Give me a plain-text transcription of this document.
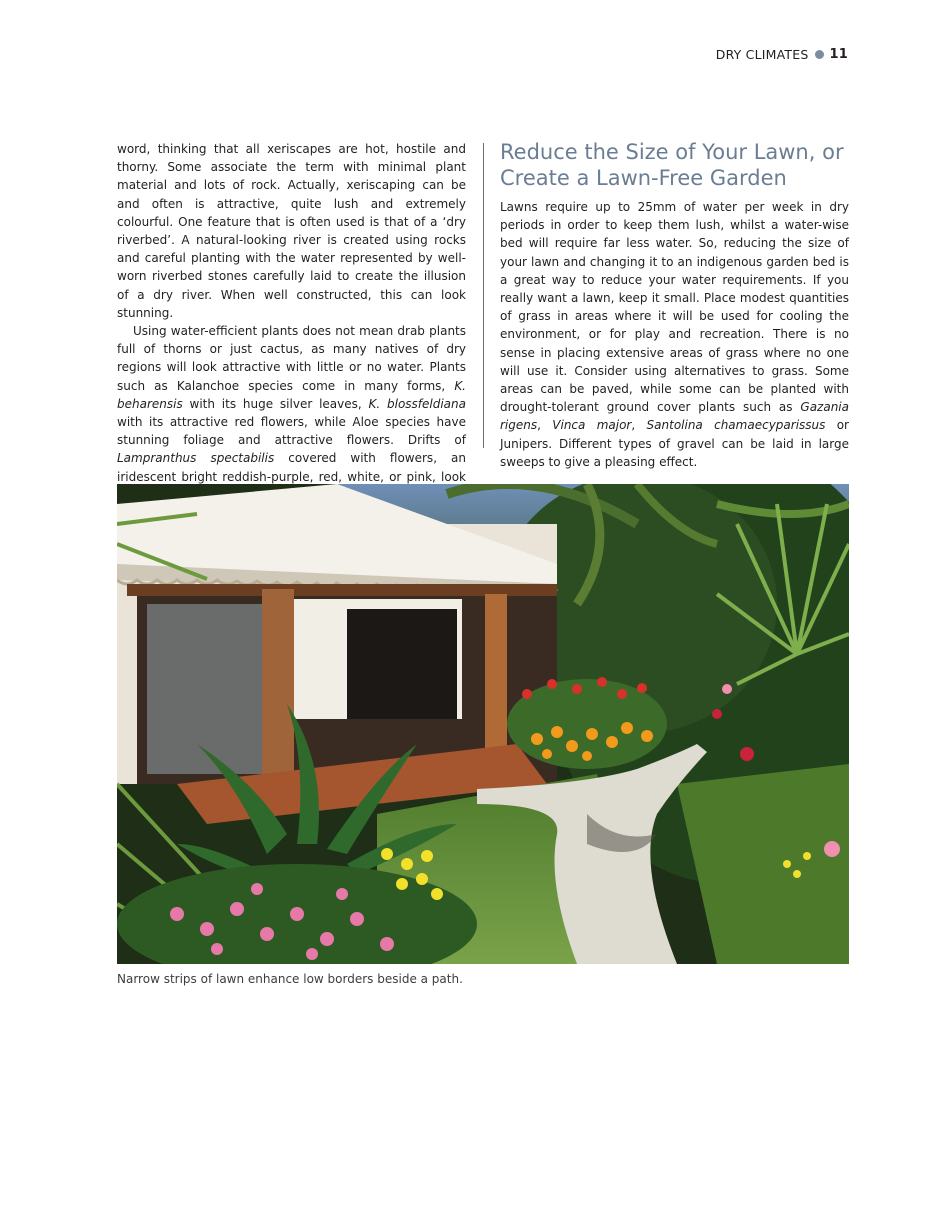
DRY CLIMATES 11

word, thinking that all xeriscapes are hot, hostile and thorny. Some associate the term with minimal plant material and lots of rock. Actually, xeriscaping can be and often is attractive, quite lush and extremely colourful. One feature that is often used is that of a ‘dry riverbed’. A natural-looking river is created using rocks and careful planting with the water represented by well-worn riverbed stones carefully laid to create the illusion of a dry river. When well constructed, this can look stunning.

Using water-efficient plants does not mean drab plants full of thorns or just cactus, as many natives of dry regions will look attractive with little or no water. Plants such as Kalanchoe species come in many forms, K. beharensis with its huge silver leaves, K. blossfeldiana with its attractive red flowers, while Aloe species have stunning foliage and attractive flowers. Drifts of Lampranthus spectabilis covered with flowers, an iridescent bright reddish-purple, red, white, or pink, look

Reduce the Size of Your Lawn, or Create a Lawn-Free Garden

Lawns require up to 25mm of water per week in dry periods in order to keep them lush, whilst a water-wise bed will require far less water. So, reducing the size of your lawn and changing it to an indigenous garden bed is a great way to reduce your water requirements. If you really want a lawn, keep it small. Place modest quantities of grass in areas where it will be used for cooling the environment, or for play and recreation. There is no sense in placing extensive areas of grass where no one will use it. Consider using alternatives to grass. Some areas can be paved, while some can be planted with drought-tolerant ground cover plants such as Gazania rigens, Vinca major, Santolina chamaecyparissus or Junipers. Different types of gravel can be laid in large sweeps to give a pleasing effect.

Narrow strips of lawn enhance low borders beside a path.
